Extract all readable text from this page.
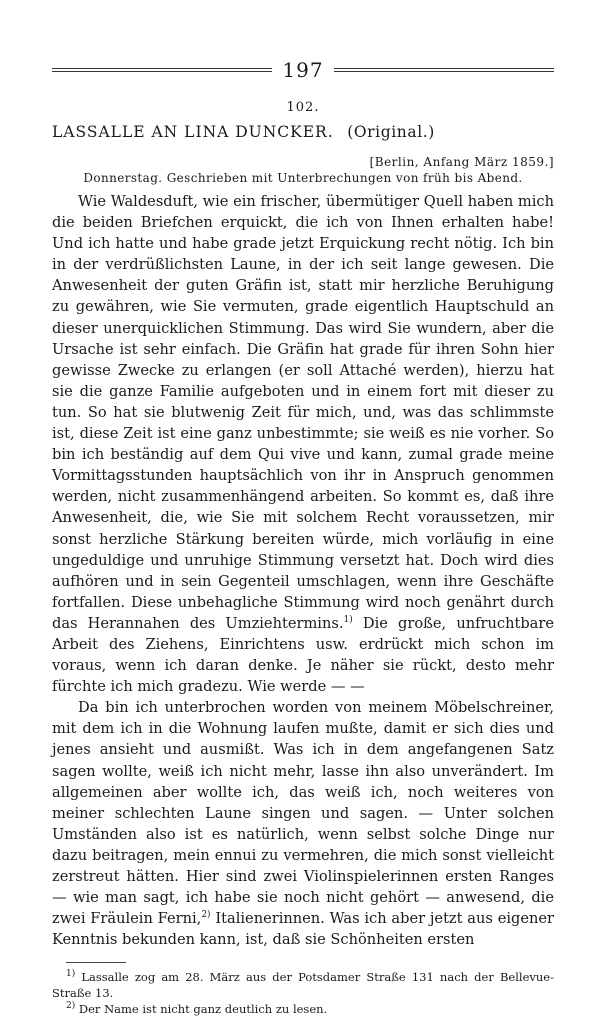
197
102.
LASSALLE AN LINA DUNCKER. (Original.)
[Berlin, Anfang März 1859.]
Donnerstag. Geschrieben mit Unterbrechungen von früh bis Abend.

Wie Waldesduft, wie ein frischer, übermütiger Quell haben mich die beiden Briefchen erquickt, die ich von Ihnen erhalten habe! Und ich hatte und habe grade jetzt Erquickung recht nötig. Ich bin in der verdrüßlichsten Laune, in der ich seit lange gewesen. Die Anwesenheit der guten Gräfin ist, statt mir herzliche Beruhigung zu gewähren, wie Sie vermuten, grade eigentlich Hauptschuld an dieser unerquicklichen Stimmung. Das wird Sie wundern, aber die Ursache ist sehr einfach. Die Gräfin hat grade für ihren Sohn hier gewisse Zwecke zu erlangen (er soll Attaché werden), hierzu hat sie die ganze Familie aufgeboten und in einem fort mit dieser zu tun. So hat sie blutwenig Zeit für mich, und, was das schlimmste ist, diese Zeit ist eine ganz unbestimmte; sie weiß es nie vorher. So bin ich beständig auf dem Qui vive und kann, zumal grade meine Vormittagsstunden hauptsächlich von ihr in Anspruch genommen werden, nicht zusammenhängend arbeiten. So kommt es, daß ihre Anwesenheit, die, wie Sie mit solchem Recht voraussetzen, mir sonst herzliche Stärkung bereiten würde, mich vorläufig in eine ungeduldige und unruhige Stimmung versetzt hat. Doch wird dies aufhören und in sein Gegenteil umschlagen, wenn ihre Geschäfte fortfallen. Diese unbehagliche Stimmung wird noch genährt durch das Herannahen des Umziehtermins.$^{1)}$ Die große, unfruchtbare Arbeit des Ziehens, Einrichtens usw. erdrückt mich schon im voraus, wenn ich daran denke. Je näher sie rückt, desto mehr fürchte ich mich gradezu. Wie werde — —

Da bin ich unterbrochen worden von meinem Möbelschreiner, mit dem ich in die Wohnung laufen mußte, damit er sich dies und jenes ansieht und ausmißt. Was ich in dem angefangenen Satz sagen wollte, weiß ich nicht mehr, lasse ihn also unverändert. Im allgemeinen aber wollte ich, das weiß ich, noch weiteres von meiner schlechten Laune singen und sagen. — Unter solchen Umständen also ist es natürlich, wenn selbst solche Dinge nur dazu beitragen, mein ennui zu vermehren, die mich sonst vielleicht zerstreut hätten. Hier sind zwei Violinspielerinnen ersten Ranges — wie man sagt, ich habe sie noch nicht gehört — anwesend, die zwei Fräulein Ferni,$^{2)}$ Italienerinnen. Was ich aber jetzt aus eigener Kenntnis bekunden kann, ist, daß sie Schönheiten ersten

$^{1)}$ Lassalle zog am 28. März aus der Potsdamer Straße 131 nach der Bellevue-Straße 13.
$^{2)}$ Der Name ist nicht ganz deutlich zu lesen.
